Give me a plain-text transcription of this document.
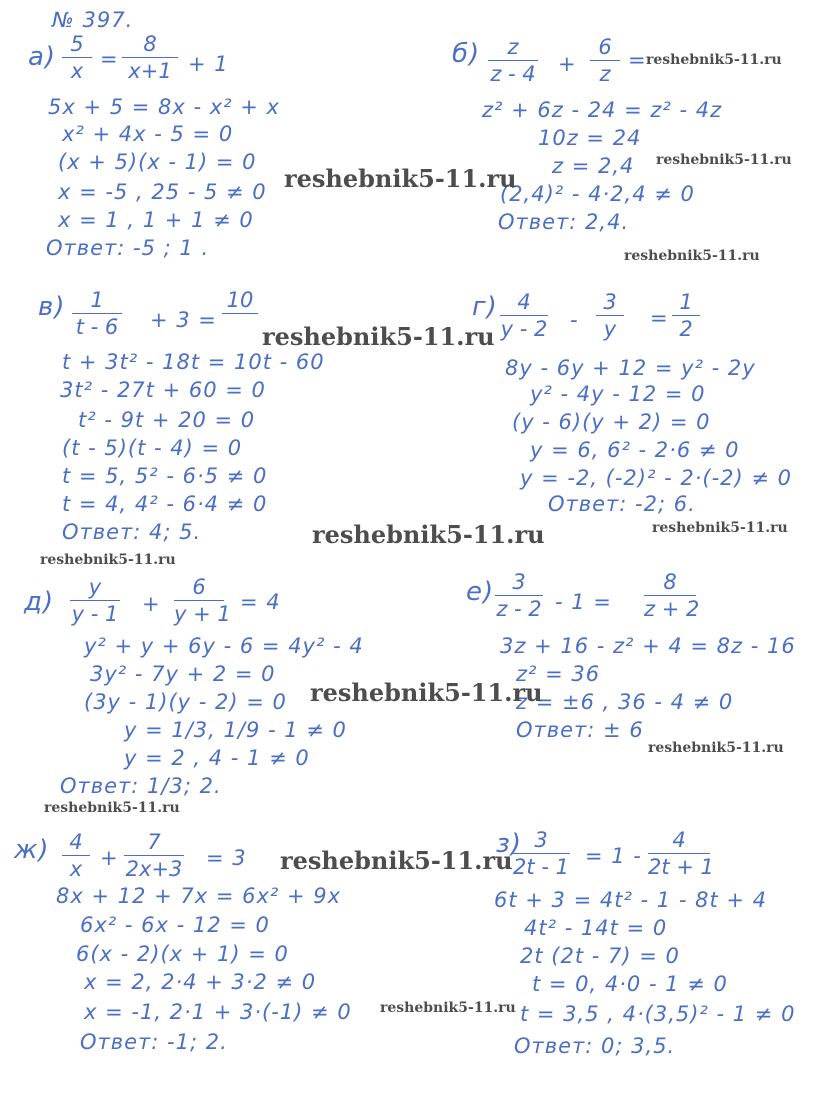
№ 397.
а) 5
x =
8
x+1 + 1
5x + 5 = 8x - x² + x
x² + 4x - 5 = 0
(x + 5)(x - 1) = 0
x = -5 , 25 - 5 ≠ 0
x = 1 , 1 + 1 ≠ 0
Ответ: -5 ; 1 .
б)	z
z - 4 +
6
z
=
z² + 6z - 24 = z² - 4z
10z = 24
z = 2,4
(2,4)² - 4·2,4 ≠ 0
Ответ: 2,4.
в)	1
t - 6 + 3 =
10
t + 3t² - 18t = 10t - 60
3t² - 27t + 60 = 0
t² - 9t + 20 = 0
(t - 5)(t - 4) = 0
t = 5, 5² - 6·5 ≠ 0
t = 4, 4² - 6·4 ≠ 0
Ответ: 4; 5.
г) 4
y - 2 -
3
y	=
1
2
8y - 6y + 12 = y² - 2y
y² - 4y - 12 = 0
(y - 6)(y + 2) = 0
y = 6, 6² - 2·6 ≠ 0
y = -2, (-2)² - 2·(-2) ≠ 0
Ответ: -2; 6.
д)	y
y - 1 +
6
y + 1 = 4
y² + y + 6y - 6 = 4y² - 4
3y² - 7y + 2 = 0
(3y - 1)(y - 2) = 0
y = 1/3, 1/9 - 1 ≠ 0
y = 2 , 4 - 1 ≠ 0
Ответ: 1/3; 2.
е) 3
z - 2 - 1 =
8
z + 2
3z + 16 - z² + 4 = 8z - 16
z² = 36
z = ±6 , 36 - 4 ≠ 0
Ответ: ± 6
ж) 4
x +
7
2x+3 = 3
8x + 12 + 7x = 6x² + 9x
6x² - 6x - 12 = 0
6(x - 2)(x + 1) = 0
x = 2, 2·4 + 3·2 ≠ 0
x = -1, 2·1 + 3·(-1) ≠ 0
Ответ: -1; 2.
з) 3
2t - 1 = 1 -
4
2t + 1
6t + 3 = 4t² - 1 - 8t + 4
4t² - 14t = 0
2t (2t - 7) = 0
t = 0, 4·0 - 1 ≠ 0
t = 3,5 , 4·(3,5)² - 1 ≠ 0
Ответ: 0; 3,5.
reshebnik5-11.ru
reshebnik5-11.ru
reshebnik5-11.ru
reshebnik5-11.ru
reshebnik5-11.ru
reshebnik5-11.ru
reshebnik5-11.ru
reshebnik5-11.ru
reshebnik5-11.ru
reshebnik5-11.ru
reshebnik5-11.ru
reshebnik5-11.ru
reshebnik5-11.ru
